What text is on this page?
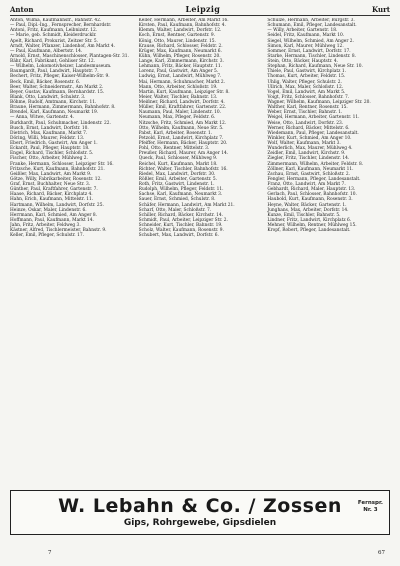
Anton	Leipzig	Kurt
Anton, Wilma, Kaufmannsfr., Bahnstr. 42.
— Paul, Dipl.-Ing., Fernsprecher, Bernhardstr.
Antoni, Fritz, Kaufmann, Leibnizstr. 12.
— Marie, geb. Schmidt, Kleiderdrucklr.
Apelt, Richard, Prokurist, Zeitzer Str. 5.
Arndt, Walter, Pflanzer, Lindenhof, Am Markt 4.
— Paul, Kaufmann, Albertstr. 14.
Arnold, Ernst, Maschinenschlosser, Plantagen-Str. 31.
Bähr, Karl, Fabrikant, Gohliser Str. 12.
— Wilhelm, Lokomotivheizer, Landesmuseum.
Baumgardt, Paul, Landwirt, Hauptstr. 7.
Bechert, Fritz, Pfleger, Kaiser-Wilhelm-Str. 9.
Beck, Emil, Bäcker, Rosenstr. 6.
Beer, Walter, Schneidermstr., Am Markt 2.
Beyer, Gustav, Kaufmann, Bernhardstr. 15.
Blank, Otto, Landwirt, Schulstr. 3.
Böhme, Rudolf, Amtmann, Kirchstr. 11.
Braune, Hermann, Zimmermann, Bahnhofstr. 8.
Brendel, Karl, Kaufmann, Neumarkt 19.
— Anna, Witwe, Gartenstr. 4.
Burkhardt, Paul, Schuhmacher, Lindenstr. 22.
Busch, Ernst, Landwirt, Dorfstr. 10.
Dietrich, Max, Kaufmann, Markt 7.
Döring, Willi, Maurer, Feldstr. 13.
Ebert, Friedrich, Gastwirt, Am Anger 1.
Eckardt, Paul, Pfleger, Hauptstr. 18.
Engel, Richard, Tischler, Schloßstr. 5.
Fischer, Otto, Arbeiter, Mühlweg 2.
Franke, Hermann, Schlosser, Leipziger Str. 16.
Fritzsche, Kurt, Kaufmann, Bahnhofstr. 21.
Geißler, Max, Landwirt, Am Markt 9.
Götze, Willy, Fabrikarbeiter, Rosenstr. 12.
Graf, Ernst, Buchhalter, Neue Str. 3.
Günther, Paul, Kraftfahrer, Gartenstr. 7.
Haase, Richard, Bäcker, Kirchplatz 4.
Hahn, Erich, Kaufmann, Mittelstr. 11.
Hartmann, Wilhelm, Landwirt, Dorfstr. 25.
Heinze, Oskar, Maler, Lindenstr. 6.
Herrmann, Karl, Schmied, Am Anger 8.
Hoffmann, Paul, Kaufmann, Markt 14.
Jahn, Fritz, Arbeiter, Feldweg 3.
Kästner, Alfred, Tischlermeister, Bahnstr. 9.
Keller, Emil, Pfleger, Schulstr. 17.
Keller, Hermann, Arbeiter, Am Markt 16.
Kirsten, Paul, Kaufmann, Bahnhofstr. 4.
Klemm, Walter, Landwirt, Dorfstr. 12.
Koch, Ernst, Rentner, Gartenstr. 9.
König, Otto, Maurer, Lindenstr. 15.
Krause, Richard, Schlosser, Feldstr. 2.
Krüger, Max, Kaufmann, Neumarkt 6.
Kühn, Wilhelm, Pfleger, Rosenstr. 20.
Lange, Karl, Zimmermann, Kirchstr. 3.
Lehmann, Fritz, Bäcker, Hauptstr. 11.
Lorenz, Paul, Gastwirt, Am Anger 5.
Ludwig, Ernst, Landwirt, Mühlweg 7.
Mai, Hermann, Schuhmacher, Markt 2.
Mann, Otto, Arbeiter, Schloßstr. 19.
Martin, Kurt, Kaufmann, Leipziger Str. 8.
Meier, Walter, Tischler, Bahnstr. 13.
Meißner, Richard, Landwirt, Dorfstr. 4.
Müller, Emil, Kraftfahrer, Gartenstr. 22.
Naumann, Paul, Maler, Lindenstr. 10.
Neumann, Max, Pfleger, Feldstr. 6.
Nitzsche, Fritz, Schmied, Am Markt 12.
Otto, Wilhelm, Kaufmann, Neue Str. 5.
Pabst, Karl, Arbeiter, Rosenstr. 1.
Petzold, Ernst, Landwirt, Kirchplatz 7.
Pfeiffer, Hermann, Bäcker, Hauptstr. 20.
Pohl, Otto, Rentner, Mittelstr. 3.
Preußer, Richard, Maurer, Am Anger 14.
Queck, Paul, Schlosser, Mühlweg 9.
Reichel, Kurt, Kaufmann, Markt 18.
Richter, Walter, Tischler, Bahnhofstr. 16.
Riedel, Max, Landwirt, Dorfstr. 30.
Rößler, Emil, Arbeiter, Gartenstr. 5.
Roth, Fritz, Gastwirt, Lindenstr. 1.
Rudolph, Wilhelm, Pfleger, Feldstr. 11.
Sachse, Karl, Kaufmann, Neumarkt 3.
Sauer, Ernst, Schmied, Schulstr. 8.
Schäfer, Hermann, Landwirt, Am Markt 21.
Scharf, Otto, Maler, Schloßstr. 7.
Schiller, Richard, Bäcker, Kirchstr. 14.
Schmidt, Paul, Arbeiter, Leipziger Str. 2.
Schneider, Kurt, Tischler, Bahnstr. 19.
Scholz, Walter, Kaufmann, Rosenstr. 9.
Schubert, Max, Landwirt, Dorfstr. 6.
Schulze, Hermann, Arbeiter, Burgstr. 3.
Schumann, Emil, Pfleger, Landesanstalt.
— Willy, Arbeiter, Gartenstr. 18.
Seidel, Fritz, Kaufmann, Markt 10.
Siegel, Wilhelm, Schmied, Am Anger 2.
Simon, Karl, Maurer, Mühlweg 12.
Sommer, Ernst, Landwirt, Dorfstr. 17.
Starke, Hermann, Tischler, Lindenstr. 8.
Stein, Otto, Bäcker, Hauptstr. 4.
Stephan, Richard, Kaufmann, Neue Str. 10.
Thiele, Paul, Gastwirt, Kirchplatz 1.
Thomas, Kurt, Arbeiter, Feldstr. 15.
Uhlig, Walter, Pfleger, Schulstr. 2.
Ullrich, Max, Maler, Schloßstr. 12.
Vogel, Emil, Landwirt, Am Markt 5.
Voigt, Fritz, Schlosser, Bahnhofstr. 7.
Wagner, Wilhelm, Kaufmann, Leipziger Str. 20.
Walther, Karl, Rentner, Rosenstr. 15.
Weber, Ernst, Tischler, Bahnstr. 1.
Weigel, Hermann, Arbeiter, Gartenstr. 11.
Weise, Otto, Landwirt, Dorfstr. 23.
Werner, Richard, Bäcker, Mittelstr. 6.
Wiedemann, Paul, Pfleger, Landesanstalt.
Winkler, Kurt, Schmied, Am Anger 10.
Wolf, Walter, Kaufmann, Markt 3.
Wunderlich, Max, Maurer, Mühlweg 4.
Zeidler, Emil, Landwirt, Kirchstr. 9.
Ziegler, Fritz, Tischler, Lindenstr. 14.
Zimmermann, Wilhelm, Arbeiter, Feldstr. 8.
Zöllner, Karl, Kaufmann, Neumarkt 11.
Zschau, Ernst, Gastwirt, Schloßstr. 2.
Fengler, Hermann, Pfleger, Landesanstalt.
Franz, Otto, Landwirt, Am Markt 7.
Gebhardt, Richard, Maler, Hauptstr. 13.
Gerlach, Paul, Schlosser, Bahnhofstr. 10.
Haubold, Kurt, Kaufmann, Rosenstr. 3.
Heyne, Walter, Bäcker, Gartenstr. 1.
Junghans, Max, Arbeiter, Dorfstr. 14.
Kunze, Emil, Tischler, Bahnstr. 5.
Lindner, Fritz, Landwirt, Kirchplatz 6.
Mehner, Wilhelm, Rentner, Mühlweg 15.
Kropf, Robert, Pfleger, Landesanstalt.
W. Lebahn & Co. / Zossen
Gips, Rohrgewebe, Gipsdielen
Fernspr.
Nr. 3
7	67
